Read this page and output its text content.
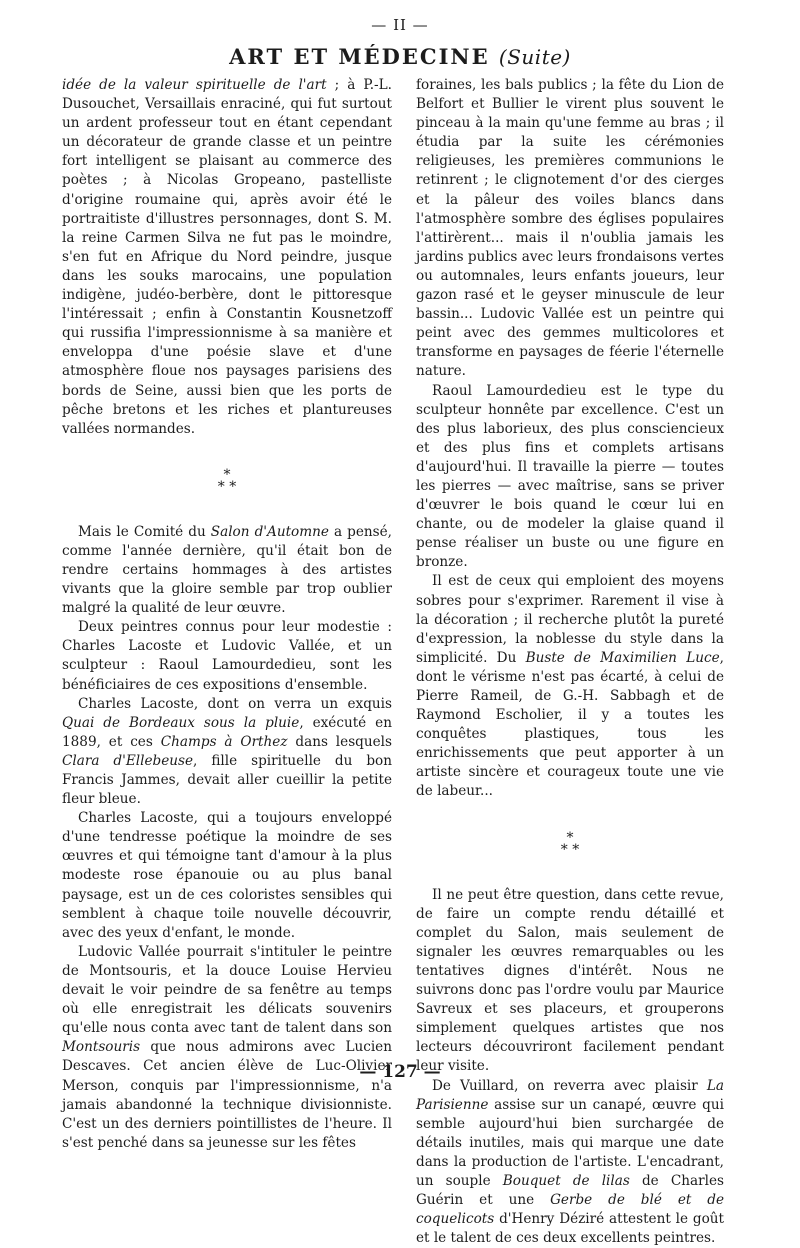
— II —
ART ET MÉDECINE (Suite)

idée de la valeur spirituelle de l'art ; à P.-L. Dusouchet, Versaillais enraciné, qui fut surtout un ardent professeur tout en étant cependant un décorateur de grande classe et un peintre fort intelligent se plaisant au commerce des poètes ; à Nicolas Gropeano, pastelliste d'origine roumaine qui, après avoir été le portraitiste d'illustres personnages, dont S. M. la reine Carmen Silva ne fut pas le moindre, s'en fut en Afrique du Nord peindre, jusque dans les souks marocains, une population indigène, judéo-berbère, dont le pittoresque l'intéressait ; enfin à Constantin Kousnetzoff qui russifia l'impressionnisme à sa manière et enveloppa d'une poésie slave et d'une atmosphère floue nos paysages parisiens des bords de Seine, aussi bien que les ports de pêche bretons et les riches et plantureuses vallées normandes.

*
* *

Mais le Comité du Salon d'Automne a pensé, comme l'année dernière, qu'il était bon de rendre certains hommages à des artistes vivants que la gloire semble par trop oublier malgré la qualité de leur œuvre.

Deux peintres connus pour leur modestie : Charles Lacoste et Ludovic Vallée, et un sculpteur : Raoul Lamourdedieu, sont les bénéficiaires de ces expositions d'ensemble.

Charles Lacoste, dont on verra un exquis Quai de Bordeaux sous la pluie, exécuté en 1889, et ces Champs à Orthez dans lesquels Clara d'Ellebeuse, fille spirituelle du bon Francis Jammes, devait aller cueillir la petite fleur bleue.

Charles Lacoste, qui a toujours enveloppé d'une tendresse poétique la moindre de ses œuvres et qui témoigne tant d'amour à la plus modeste rose épanouie ou au plus banal paysage, est un de ces coloristes sensibles qui semblent à chaque toile nouvelle découvrir, avec des yeux d'enfant, le monde.

Ludovic Vallée pourrait s'intituler le peintre de Montsouris, et la douce Louise Hervieu devait le voir peindre de sa fenêtre au temps où elle enregistrait les délicats souvenirs qu'elle nous conta avec tant de talent dans son Montsouris que nous admirons avec Lucien Descaves. Cet ancien élève de Luc-Olivier Merson, conquis par l'impressionnisme, n'a jamais abandonné la technique divisionniste. C'est un des derniers pointillistes de l'heure. Il s'est penché dans sa jeunesse sur les fêtes

foraines, les bals publics ; la fête du Lion de Belfort et Bullier le virent plus souvent le pinceau à la main qu'une femme au bras ; il étudia par la suite les cérémonies religieuses, les premières communions le retinrent ; le clignotement d'or des cierges et la pâleur des voiles blancs dans l'atmosphère sombre des églises populaires l'attirèrent... mais il n'oublia jamais les jardins publics avec leurs frondaisons vertes ou automnales, leurs enfants joueurs, leur gazon rasé et le geyser minuscule de leur bassin... Ludovic Vallée est un peintre qui peint avec des gemmes multicolores et transforme en paysages de féerie l'éternelle nature.

Raoul Lamourdedieu est le type du sculpteur honnête par excellence. C'est un des plus laborieux, des plus consciencieux et des plus fins et complets artisans d'aujourd'hui. Il travaille la pierre — toutes les pierres — avec maîtrise, sans se priver d'œuvrer le bois quand le cœur lui en chante, ou de modeler la glaise quand il pense réaliser un buste ou une figure en bronze.

Il est de ceux qui emploient des moyens sobres pour s'exprimer. Rarement il vise à la décoration ; il recherche plutôt la pureté d'expression, la noblesse du style dans la simplicité. Du Buste de Maximilien Luce, dont le vérisme n'est pas écarté, à celui de Pierre Rameil, de G.-H. Sabbagh et de Raymond Escholier, il y a toutes les conquêtes plastiques, tous les enrichissements que peut apporter à un artiste sincère et courageux toute une vie de labeur...

*
* *

Il ne peut être question, dans cette revue, de faire un compte rendu détaillé et complet du Salon, mais seulement de signaler les œuvres remarquables ou les tentatives dignes d'intérêt. Nous ne suivrons donc pas l'ordre voulu par Maurice Savreux et ses placeurs, et grouperons simplement quelques artistes que nos lecteurs découvriront facilement pendant leur visite.

De Vuillard, on reverra avec plaisir La Parisienne assise sur un canapé, œuvre qui semble aujourd'hui bien surchargée de détails inutiles, mais qui marque une date dans la production de l'artiste. L'encadrant, un souple Bouquet de lilas de Charles Guérin et une Gerbe de blé et de coquelicots d'Henry Déziré attestent le goût et le talent de ces deux excellents peintres.

— 127 —
